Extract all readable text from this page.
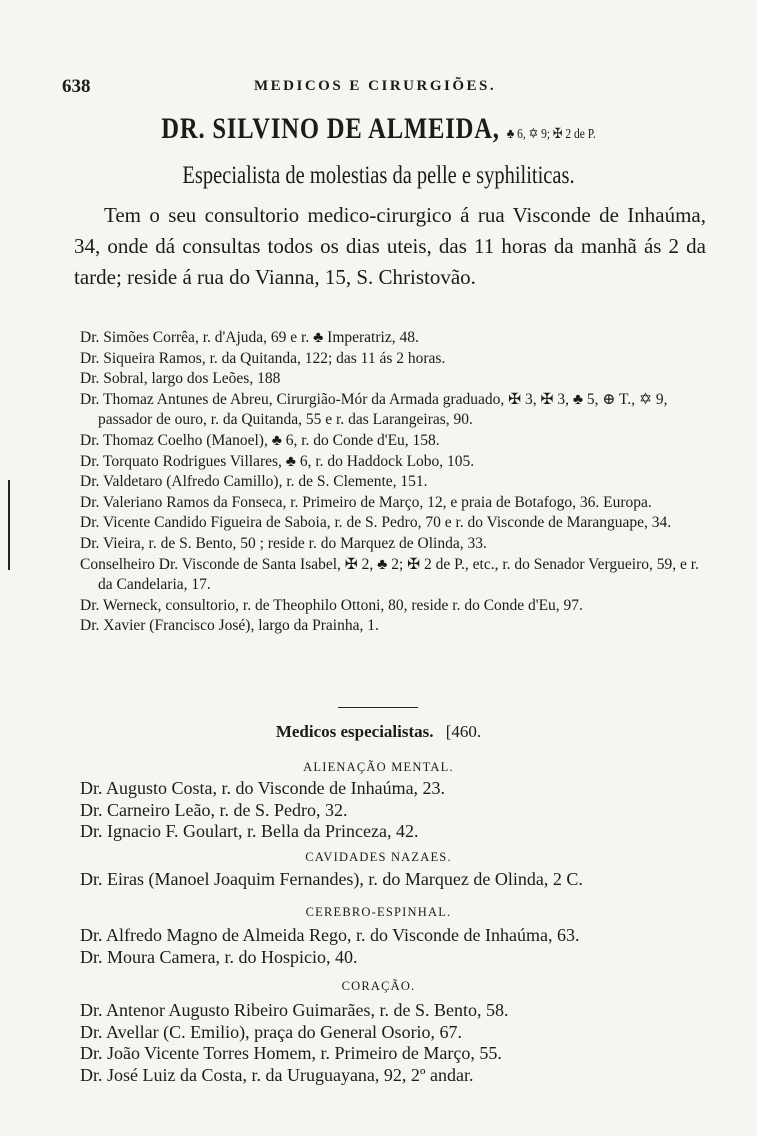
638	MEDICOS E CIRURGIÕES.
DR. SILVINO DE ALMEIDA, ♣ 6, ✡ 9; ✠ 2 de P.
Especialista de molestias da pelle e syphiliticas.
Tem o seu consultorio medico-cirurgico á rua Visconde de Inhaúma, 34, onde dá consultas todos os dias uteis, das 11 horas da manhã ás 2 da tarde; reside á rua do Vianna, 15, S. Christovão.
Dr. Simões Corrêa, r. d'Ajuda, 69 e r. ♣ Imperatriz, 48.
Dr. Siqueira Ramos, r. da Quitanda, 122; das 11 ás 2 horas.
Dr. Sobral, largo dos Leões, 188
Dr. Thomaz Antunes de Abreu, Cirurgião-Mór da Armada graduado, ✠ 3, ✠ 3, ♣ 5, ⊕ T., ✡ 9, passador de ouro, r. da Quitanda, 55 e r. das Larangeiras, 90.
Dr. Thomaz Coelho (Manoel), ♣ 6, r. do Conde d'Eu, 158.
Dr. Torquato Rodrigues Villares, ♣ 6, r. do Haddock Lobo, 105.
Dr. Valdetaro (Alfredo Camillo), r. de S. Clemente, 151.
Dr. Valeriano Ramos da Fonseca, r. Primeiro de Março, 12, e praia de Botafogo, 36. Europa.
Dr. Vicente Candido Figueira de Saboia, r. de S. Pedro, 70 e r. do Visconde de Maranguape, 34.
Dr. Vieira, r. de S. Bento, 50 ; reside r. do Marquez de Olinda, 33.
Conselheiro Dr. Visconde de Santa Isabel, ✠ 2, ♣ 2; ✠ 2 de P., etc., r. do Senador Vergueiro, 59, e r. da Candelaria, 17.
Dr. Werneck, consultorio, r. de Theophilo Ottoni, 80, reside r. do Conde d'Eu, 97.
Dr. Xavier (Francisco José), largo da Prainha, 1.
Medicos especialistas. [460.
ALIENAÇÃO MENTAL.
Dr. Augusto Costa, r. do Visconde de Inhaúma, 23.
Dr. Carneiro Leão, r. de S. Pedro, 32.
Dr. Ignacio F. Goulart, r. Bella da Princeza, 42.
CAVIDADES NAZAES.
Dr. Eiras (Manoel Joaquim Fernandes), r. do Marquez de Olinda, 2 C.
CEREBRO-ESPINHAL.
Dr. Alfredo Magno de Almeida Rego, r. do Visconde de Inhaúma, 63.
Dr. Moura Camera, r. do Hospicio, 40.
CORAÇÃO.
Dr. Antenor Augusto Ribeiro Guimarães, r. de S. Bento, 58.
Dr. Avellar (C. Emilio), praça do General Osorio, 67.
Dr. João Vicente Torres Homem, r. Primeiro de Março, 55.
Dr. José Luiz da Costa, r. da Uruguayana, 92, 2º andar.
